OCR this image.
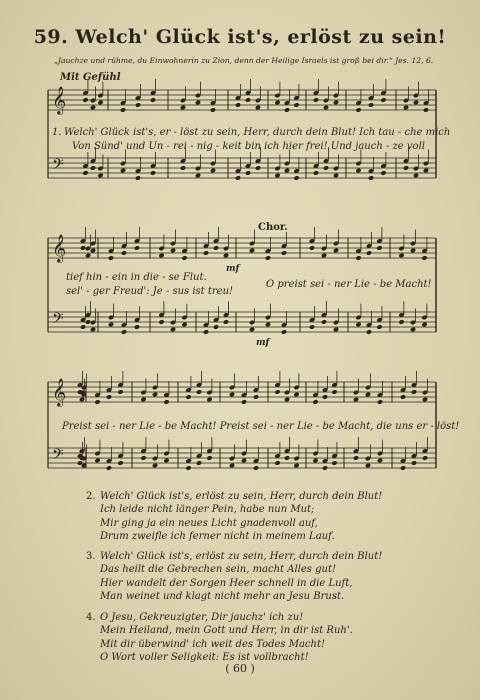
59. Welch' Glück ist's, erlöst zu sein!
„Jauchze und rühme, du Einwohnerin zu Zion, denn der Heilige Israels ist groß bei dir.“ Jes. 12, 6.
Mit Gefühl
𝄞
𝄢
𝄞
𝄢
𝄞
𝄢
1. Welch' Glück ist's, er - löst zu sein, Herr, durch dein Blut! Ich tau - che mich
Von Sünd' und Un - rei - nig - keit bin ich hier frei! Und jauch - ze voll
Chor.
mf
tief hin - ein in die - se Flut.
sel' - ger Freud': Je - sus ist treu!
O preist sei - ner Lie - be Macht!
mf
Preist sei - ner Lie - be Macht! Preist sei - ner Lie - be Macht, die uns er - löst!
2. Welch' Glück ist's, erlöst zu sein, Herr, durch dein Blut!
Ich leide nicht länger Pein, habe nun Mut;
Mir ging ja ein neues Licht gnadenvoll auf,
Drum zweifle ich ferner nicht in meinem Lauf.
3. Welch' Glück ist's, erlöst zu sein, Herr, durch dein Blut!
Das heilt die Gebrechen sein, macht Alles gut!
Hier wandelt der Sorgen Heer schnell in die Luft,
Man weinet und klagt nicht mehr an Jesu Brust.
4. O Jesu, Gekreuzigter, Dir jauchz' ich zu!
Mein Heiland, mein Gott und Herr, in dir ist Ruh'.
Mit dir überwind' ich weit des Todes Macht!
O Wort voller Seligkeit: Es ist vollbracht!
( 60 )
